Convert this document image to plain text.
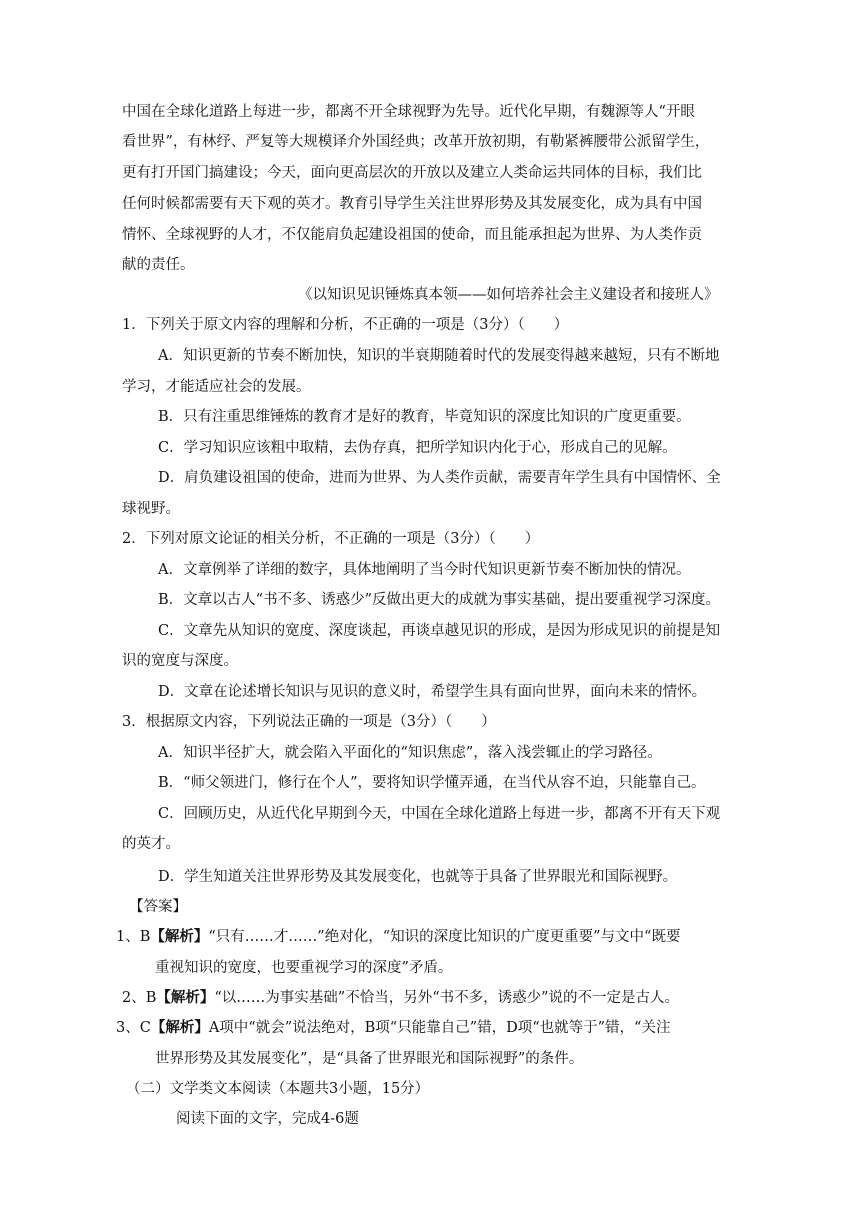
中国在全球化道路上每进一步，都离不开全球视野为先导。近代化早期，有魏源等人“开眼
看世界”，有林纾、严复等大规模译介外国经典；改革开放初期，有勒紧裤腰带公派留学生，
更有打开国门搞建设；今天，面向更高层次的开放以及建立人类命运共同体的目标，我们比
任何时候都需要有天下观的英才。教育引导学生关注世界形势及其发展变化，成为具有中国
情怀、全球视野的人才，不仅能肩负起建设祖国的使命，而且能承担起为世界、为人类作贡
献的责任。
《以知识见识锤炼真本领——如何培养社会主义建设者和接班人》
1．下列关于原文内容的理解和分析，不正确的一项是（3分）（　　）
A．知识更新的节奏不断加快，知识的半衰期随着时代的发展变得越来越短，只有不断地
学习，才能适应社会的发展。
B．只有注重思维锤炼的教育才是好的教育，毕竟知识的深度比知识的广度更重要。
C．学习知识应该粗中取精，去伪存真，把所学知识内化于心，形成自己的见解。
D．肩负建设祖国的使命，进而为世界、为人类作贡献，需要青年学生具有中国情怀、全
球视野。
2．下列对原文论证的相关分析，不正确的一项是（3分）（　　）
A．文章例举了详细的数字，具体地阐明了当今时代知识更新节奏不断加快的情况。
B．文章以古人“书不多、诱惑少”反做出更大的成就为事实基础，提出要重视学习深度。
C．文章先从知识的宽度、深度谈起，再谈卓越见识的形成，是因为形成见识的前提是知
识的宽度与深度。
D．文章在论述增长知识与见识的意义时，希望学生具有面向世界，面向未来的情怀。
3．根据原文内容，下列说法正确的一项是（3分）（　　）
A．知识半径扩大，就会陷入平面化的“知识焦虑”，落入浅尝辄止的学习路径。
B．“师父领进门，修行在个人”，要将知识学懂弄通，在当代从容不迫，只能靠自己。
C．回顾历史，从近代化早期到今天，中国在全球化道路上每进一步，都离不开有天下观
的英才。
D．学生知道关注世界形势及其发展变化，也就等于具备了世界眼光和国际视野。
【答案】
1、B【解析】“只有……才……”绝对化，“知识的深度比知识的广度更重要”与文中“既要
重视知识的宽度，也要重视学习的深度”矛盾。
2、B【解析】“以……为事实基础”不恰当，另外“书不多，诱惑少”说的不一定是古人。
3、C【解析】A项中“就会”说法绝对，B项“只能靠自己”错，D项“也就等于”错，“关注
世界形势及其发展变化”，是“具备了世界眼光和国际视野”的条件。
（二）文学类文本阅读（本题共3小题，15分）
阅读下面的文字，完成4-6题
